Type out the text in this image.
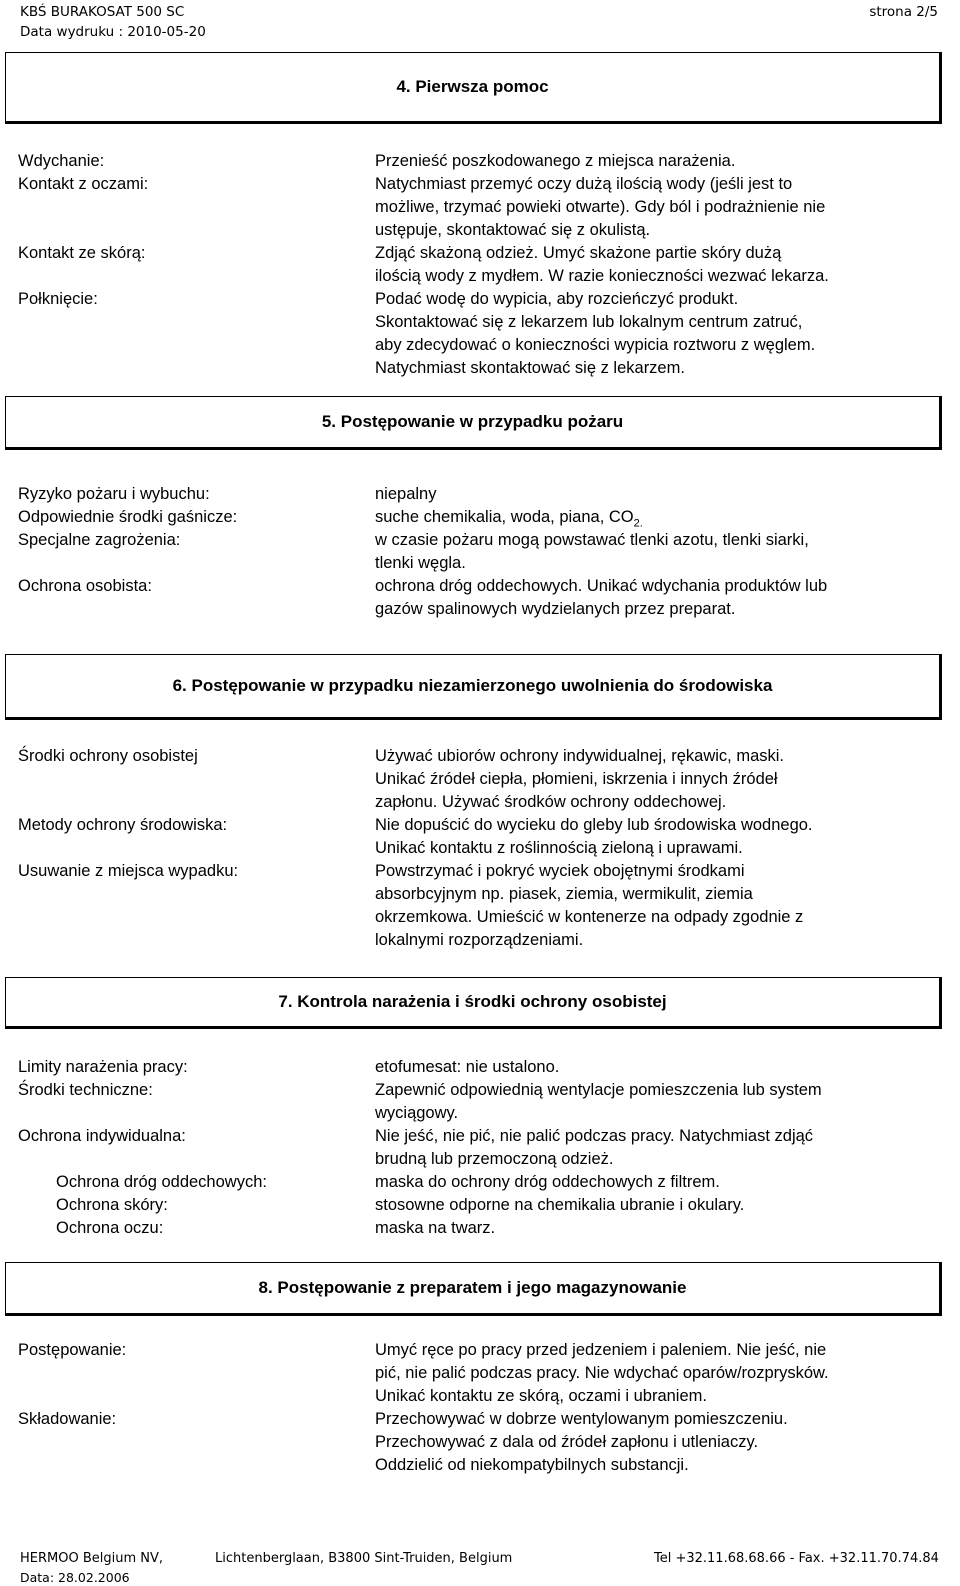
KBŚ BURAKOSAT 500 SC
Data wydruku : 2010-05-20
strona 2/5
4. Pierwsza pomoc
Wdychanie:	Przenieść poszkodowanego z miejsca narażenia.
Kontakt z oczami:	Natychmiast przemyć oczy dużą ilością wody (jeśli jest to
możliwe, trzymać powieki otwarte). Gdy ból i podrażnienie nie
ustępuje, skontaktować się z okulistą.
Kontakt ze skórą:	Zdjąć skażoną odzież. Umyć skażone partie skóry dużą
ilością wody z mydłem. W razie konieczności wezwać lekarza.
Połknięcie:	Podać wodę do wypicia, aby rozcieńczyć produkt.
Skontaktować się z lekarzem lub lokalnym centrum zatruć,
aby zdecydować o konieczności wypicia roztworu z węglem.
Natychmiast skontaktować się z lekarzem.
5. Postępowanie w przypadku pożaru
Ryzyko pożaru i wybuchu:	niepalny
Odpowiednie środki gaśnicze:	suche chemikalia, woda, piana, $CO_{2.}$
Specjalne zagrożenia:	w czasie pożaru mogą powstawać tlenki azotu, tlenki siarki,
tlenki węgla.
Ochrona osobista:	ochrona dróg oddechowych. Unikać wdychania produktów lub
gazów spalinowych wydzielanych przez preparat.
6. Postępowanie w przypadku niezamierzonego uwolnienia do środowiska
Środki ochrony osobistej	Używać ubiorów ochrony indywidualnej, rękawic, maski.
Unikać źródeł ciepła, płomieni, iskrzenia i innych źródeł
zapłonu. Używać środków ochrony oddechowej.
Metody ochrony środowiska:	Nie dopuścić do wycieku do gleby lub środowiska wodnego.
Unikać kontaktu z roślinnością zieloną i uprawami.
Usuwanie z miejsca wypadku:	Powstrzymać i pokryć wyciek obojętnymi środkami
absorbcyjnym np. piasek, ziemia, wermikulit, ziemia
okrzemkowa. Umieścić w kontenerze na odpady zgodnie z
lokalnymi rozporządzeniami.
7. Kontrola narażenia i środki ochrony osobistej
Limity narażenia pracy:	etofumesat: nie ustalono.
Środki techniczne:	Zapewnić odpowiednią wentylacje pomieszczenia lub system
wyciągowy.
Ochrona indywidualna:	Nie jeść, nie pić, nie palić podczas pracy. Natychmiast zdjąć
brudną lub przemoczoną odzież.
Ochrona dróg oddechowych:	maska do ochrony dróg oddechowych z filtrem.
Ochrona skóry:	stosowne odporne na chemikalia ubranie i okulary.
Ochrona oczu:	maska na twarz.
8. Postępowanie z preparatem i jego magazynowanie
Postępowanie:	Umyć ręce po pracy przed jedzeniem i paleniem. Nie jeść, nie
pić, nie palić podczas pracy. Nie wdychać oparów/rozprysków.
Unikać kontaktu ze skórą, oczami i ubraniem.
Składowanie:	Przechowywać w dobrze wentylowanym pomieszczeniu.
Przechowywać z dala od źródeł zapłonu i utleniaczy.
Oddzielić od niekompatybilnych substancji.
HERMOO Belgium NV,
Data: 28.02.2006
Lichtenberglaan, B3800 Sint-Truiden, Belgium	Tel +32.11.68.68.66 - Fax. +32.11.70.74.84
